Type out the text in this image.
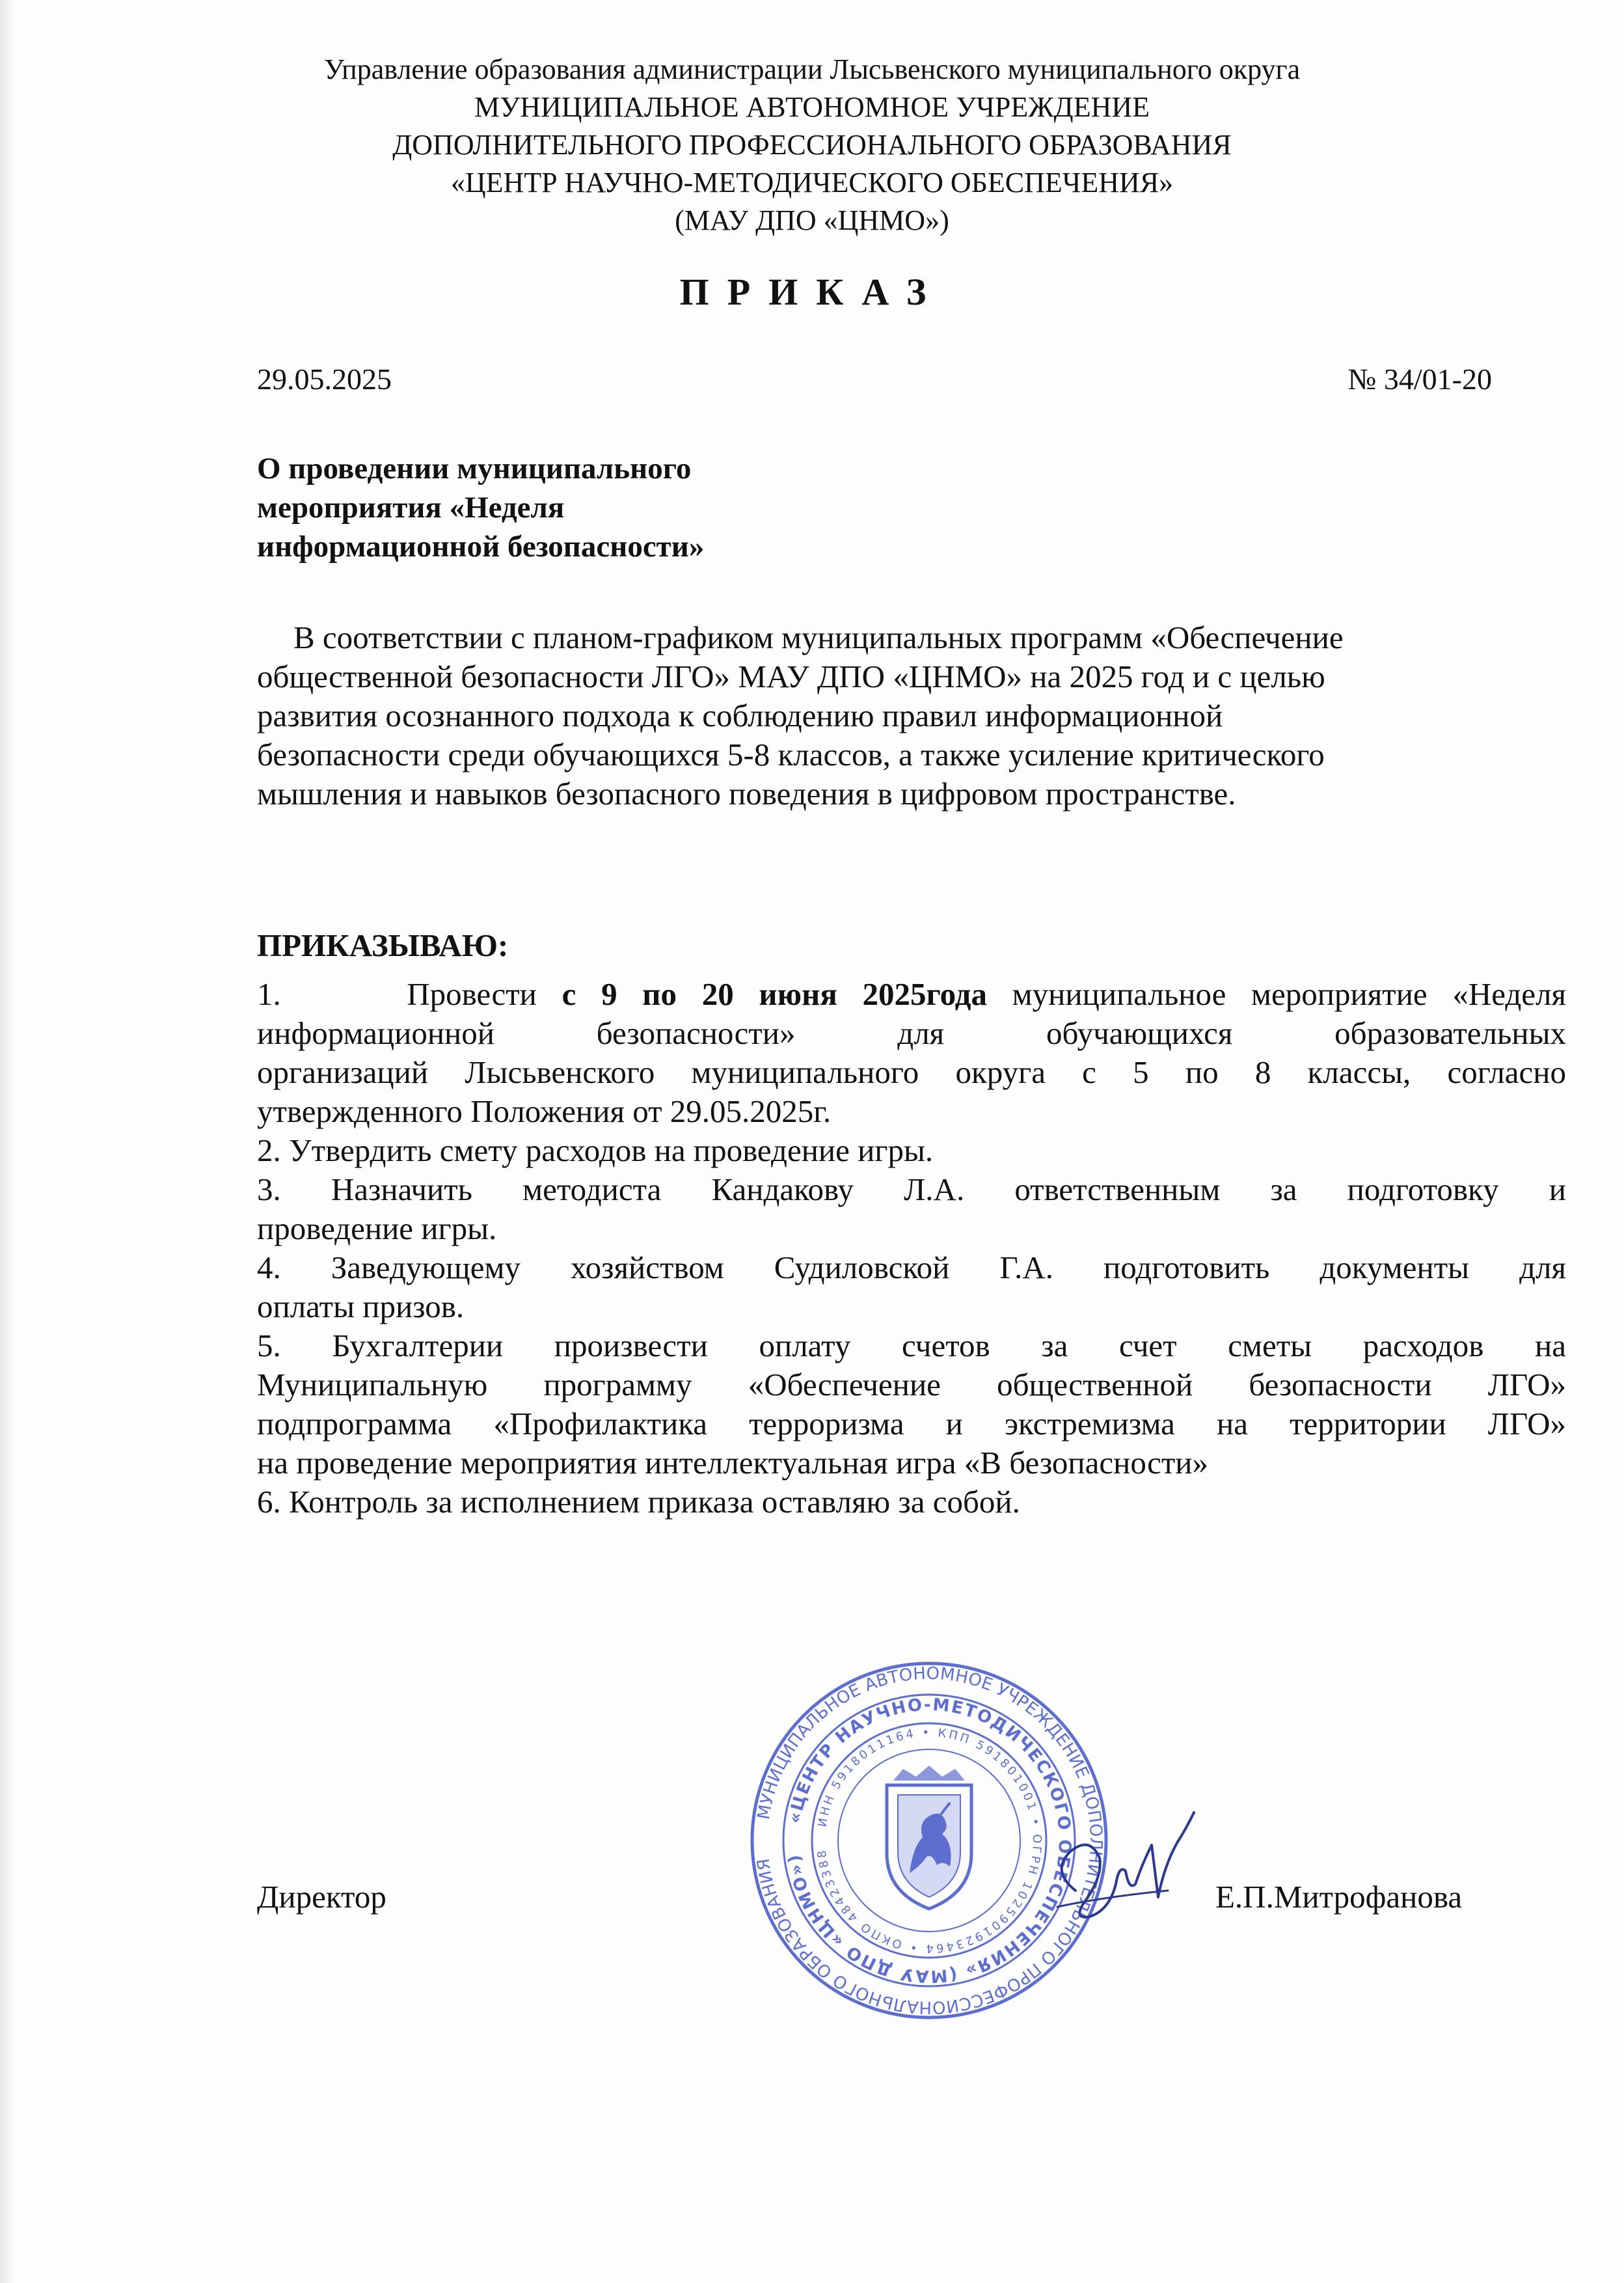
Управление образования администрации Лысьвенского муниципального округа
МУНИЦИПАЛЬНОЕ АВТОНОМНОЕ УЧРЕЖДЕНИЕ
ДОПОЛНИТЕЛЬНОГО ПРОФЕССИОНАЛЬНОГО ОБРАЗОВАНИЯ
«ЦЕНТР НАУЧНО-МЕТОДИЧЕСКОГО ОБЕСПЕЧЕНИЯ»
(МАУ ДПО «ЦНМО»)
ПРИКАЗ
29.05.2025	№ 34/01-20
О проведении муниципального
мероприятия «Неделя
информационной безопасности»
В соответствии с планом-графиком муниципальных программ «Обеспечение
общественной безопасности ЛГО» МАУ ДПО «ЦНМО» на 2025 год и с целью
развития осознанного подхода к соблюдению правил информационной
безопасности среди обучающихся 5-8 классов, а также усиление критического
мышления и навыков безопасного поведения в цифровом пространстве.
ПРИКАЗЫВАЮ:
1.	Провести с 9 по 20 июня 2025года муниципальное мероприятие «Неделя
информационной безопасности» для обучающихся образовательных
организаций Лысьвенского муниципального округа с 5 по 8 классы, согласно
утвержденного Положения от 29.05.2025г.
2. Утвердить смету расходов на проведение игры.
3. Назначить методиста Кандакову Л.А. ответственным за подготовку и
проведение игры.
4. Заведующему хозяйством Судиловской Г.А. подготовить документы для
оплаты призов.
5. Бухгалтерии произвести оплату счетов за счет сметы расходов на
Муниципальную программу «Обеспечение общественной безопасности ЛГО»
подпрограмма «Профилактика терроризма и экстремизма на территории ЛГО»
на проведение мероприятия интеллектуальная игра «В безопасности»
6. Контроль за исполнением приказа оставляю за собой.
Директор
МУНИЦИПАЛЬНОЕ АВТОНОМНОЕ УЧРЕЖДЕНИЕ ДОПОЛНИТЕЛЬНОГО ПРОФЕССИОНАЛЬНОГО ОБРАЗОВАНИЯ
«ЦЕНТР НАУЧНО-МЕТОДИЧЕСКОГО ОБЕСПЕЧЕНИЯ» (МАУ ДПО «ЦНМО»)
ИНН 5918011164 • КПП 591801001 • ОГРН 1025901923464 • ОКПО 48423388
Е.П.Митрофанова
